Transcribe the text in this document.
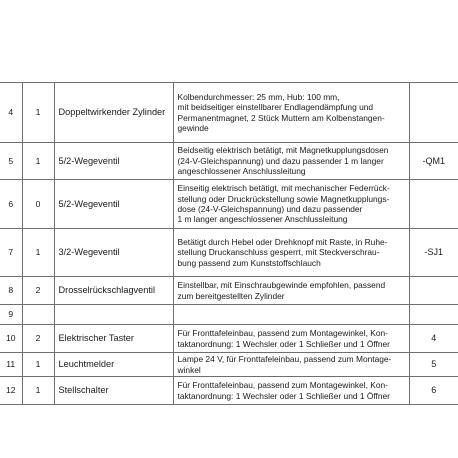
4	1	Doppeltwirkender Zylinder	Kolbendurchmesser: 25 mm, Hub: 100 mm,
mit beidseitiger einstellbarer Endlagendämpfung und
Permanentmagnet, 2 Stück Muttern am Kolbenstangen-
gewinde	

5	1	5/2-Wegeventil	Beidseitig elektrisch betätigt, mit Magnetkupplungsdosen
(24-V-Gleichspannung) und dazu passender 1 m langer
angeschlossener Anschlussleitung	-QM1
6	0	5/2-Wegeventil	Einseitig elektrisch betätigt, mit mechanischer Federrück-
stellung oder Druckrückstellung sowie Magnetkupplungs-
dose (24-V-Gleichspannung) und dazu passender
1 m langer angeschlossener Anschlussleitung	

7	1	3/2-Wegeventil	Betätigt durch Hebel oder Drehknopf mit Raste, in Ruhe-
stellung Druckanschluss gesperrt, mit Steckverschrau-
bung passend zum Kunststoffschlauch	-SJ1
8	2	Drosselrückschlagventil	Einstellbar, mit Einschraubgewinde empfohlen, passend
zum bereitgestellten Zylinder	

9				
10	2	Elektrischer Taster	Für Fronttafeleinbau, passend zum Montagewinkel, Kon-
taktanordnung: 1 Wechsler oder 1 Schließer und 1 Öffner	4
11	1	Leuchtmelder	Lampe 24 V, für Fronttafeleinbau, passend zum Montage-
winkel	5
12	1	Stellschalter	Für Fronttafeleinbau, passend zum Montagewinkel, Kon-
taktanordnung: 1 Wechsler oder 1 Schließer und 1 Öffner	6
